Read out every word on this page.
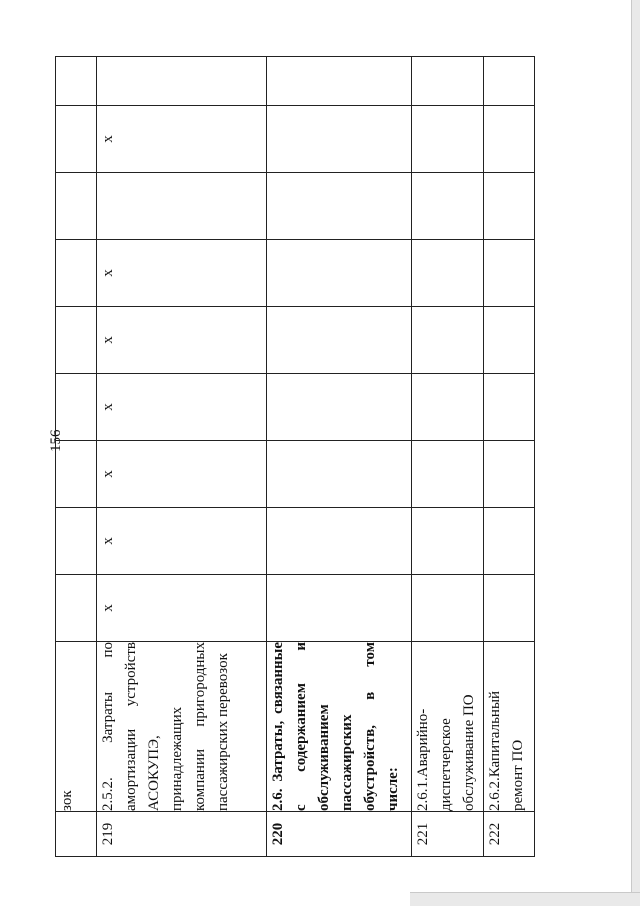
156

	зок									

219	2.5.2. Затраты по амортизации устройств АСОКУПЭ, принадлежащих компании пригородных пассажирских перевозок	х	х	х	х	х	х		х	
220	2.6. Затраты, связанные с содержанием и обслуживанием пассажирских обустройств, в том числе:									

221	2.6.1.Аварийно-диспетчерское обслуживание ПО									

222	2.6.2.Капитальный ремонт ПО									
